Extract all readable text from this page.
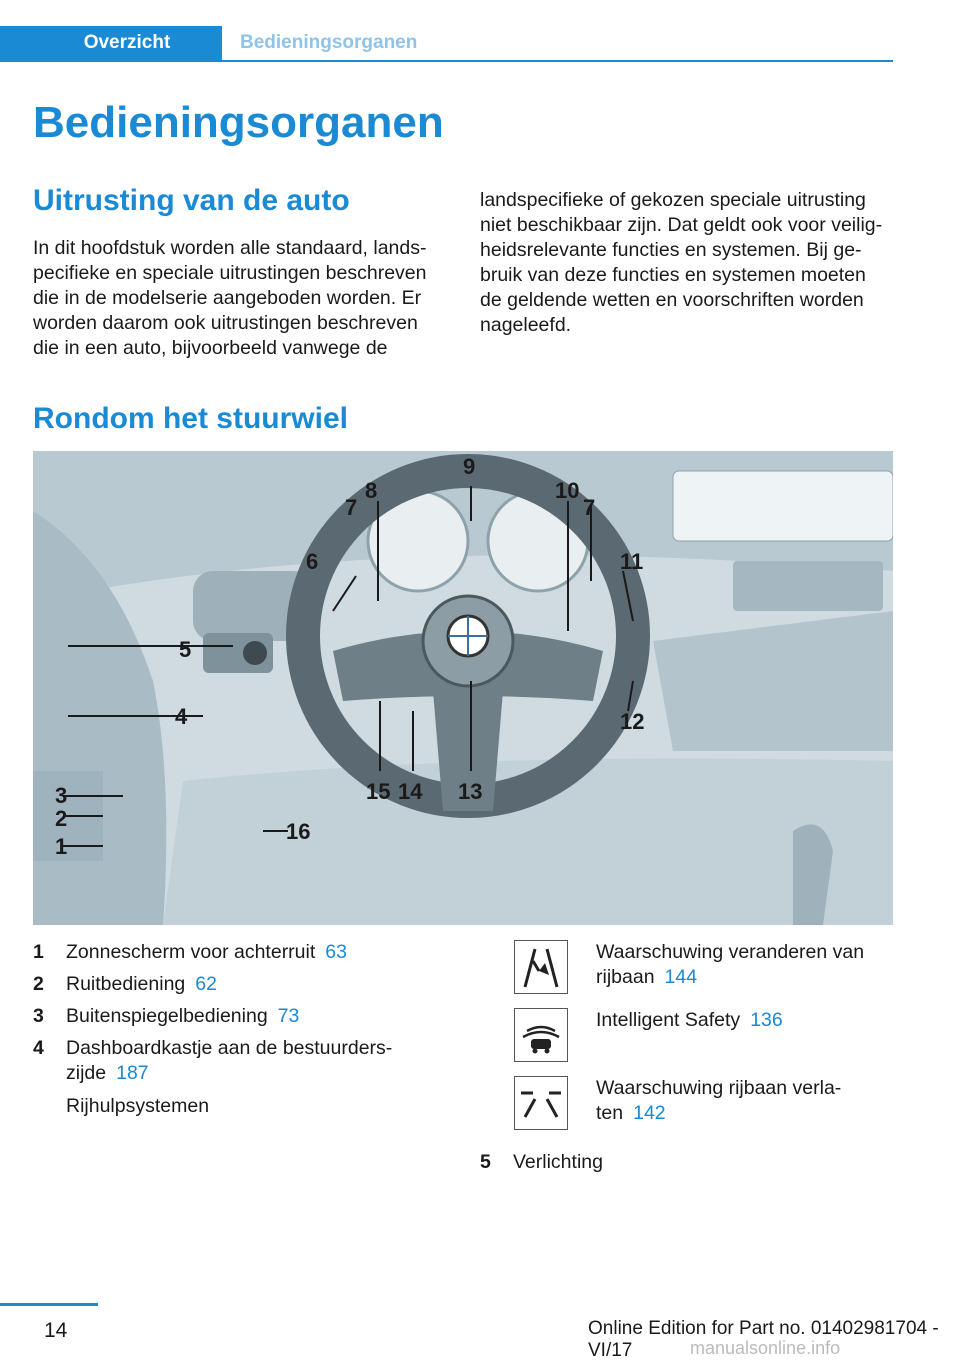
Overzicht	Bedieningsorganen
Bedieningsorganen
Uitrusting van de auto
In dit hoofdstuk worden alle standaard, lands‐
pecifieke en speciale uitrustingen beschreven
die in de modelserie aangeboden worden. Er
worden daarom ook uitrustingen beschreven
die in een auto, bijvoorbeeld vanwege de
landspecifieke of gekozen speciale uitrusting
niet beschikbaar zijn. Dat geldt ook voor veilig‐
heidsrelevante functies en systemen. Bij ge‐
bruik van deze functies en systemen moeten
de geldende wetten en voorschriften worden
nageleefd.
Rondom het stuurwiel
1
2
3
4
5
6
7
8
9
10
7
11
12
13
14
15
16
1 Zonnescherm voor achterruit 63
2 Ruitbediening 62
3 Buitenspiegelbediening 73
4 Dashboardkastje aan de bestuurders‐
zijde 187
Rijhulpsystemen
Waarschuwing veranderen van
rijbaan 144
Intelligent Safety 136
Waarschuwing rijbaan verla‐
ten 142
5 Verlichting
14	Online Edition for Part no. 01402981704 - VI/17	manualsonline.info
